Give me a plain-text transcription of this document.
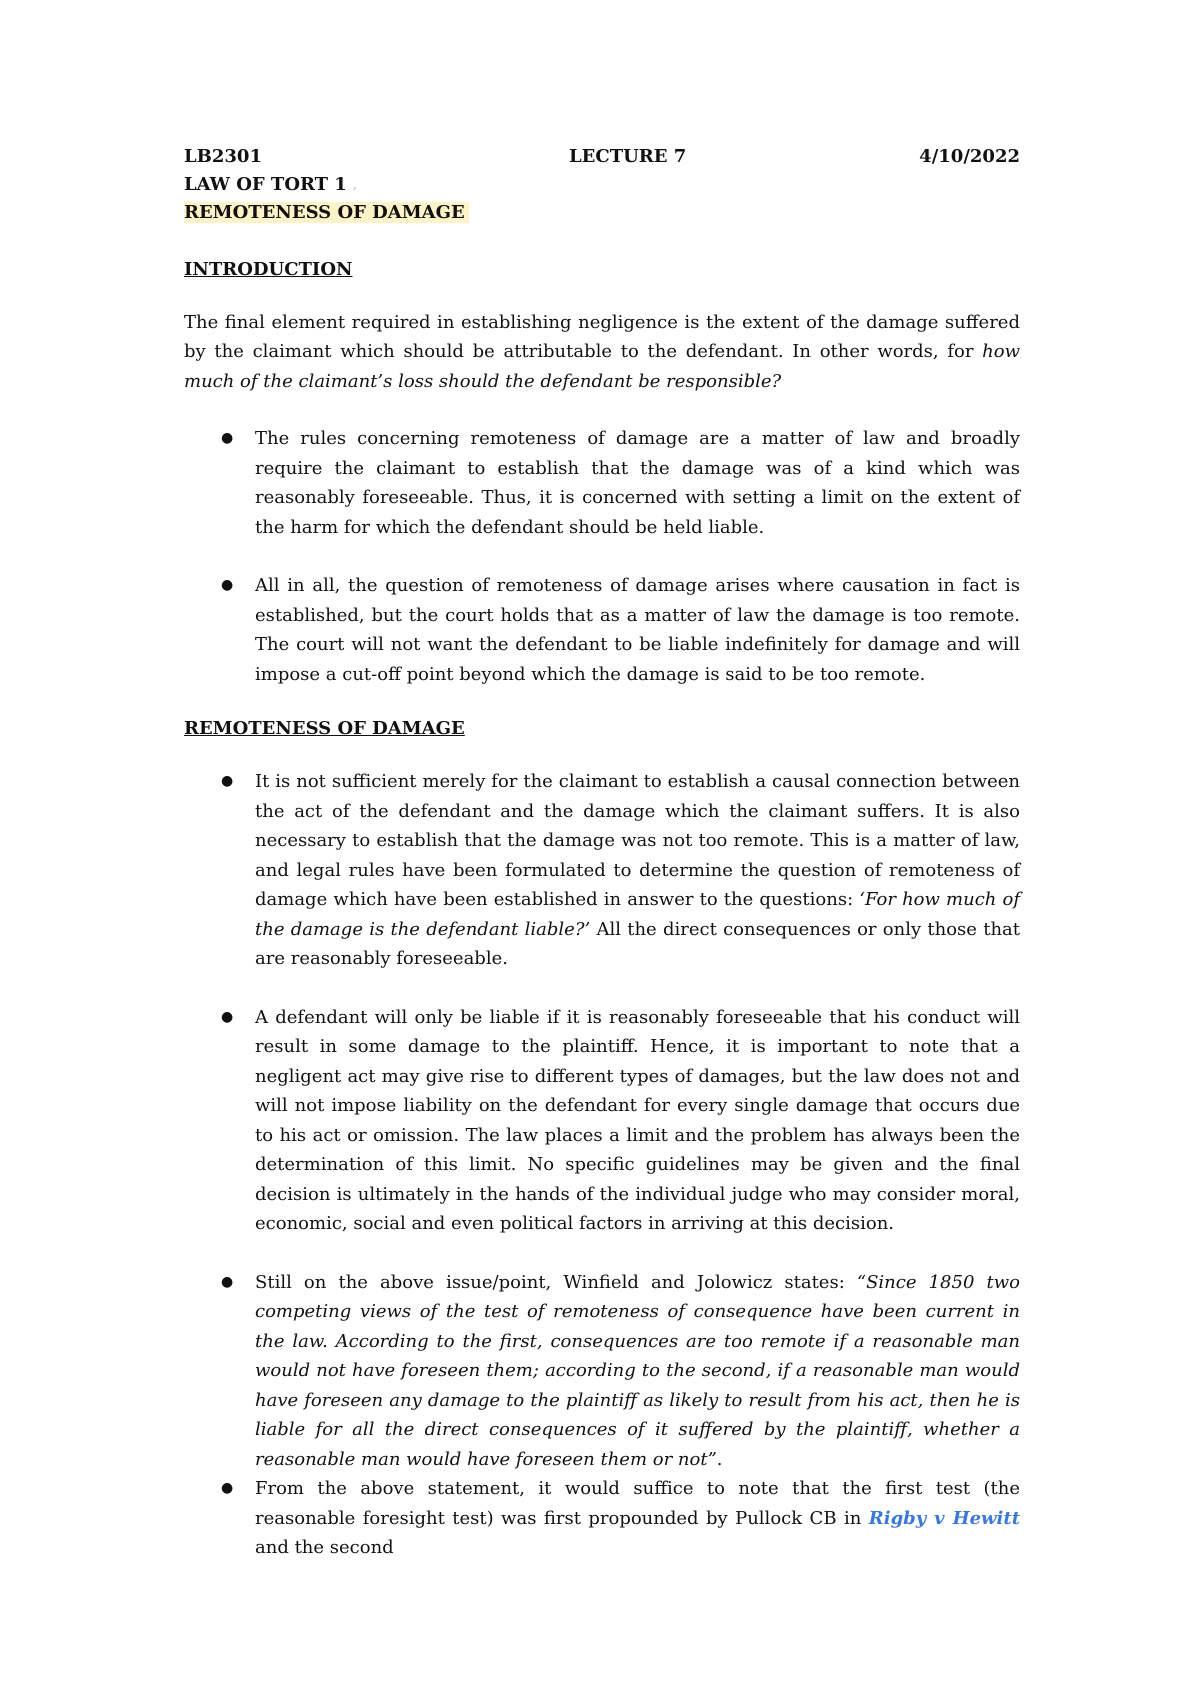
LB2301	LECTURE 7	4/10/2022
LAW OF TORT 1 ,
REMOTENESS OF DAMAGE
INTRODUCTION

The final element required in establishing negligence is the extent of the damage suffered by the claimant which should be attributable to the defendant. In other words, for how much of the claimant’s loss should the defendant be responsible?

● The rules concerning remoteness of damage are a matter of law and broadly require the claimant to establish that the damage was of a kind which was reasonably foreseeable. Thus, it is concerned with setting a limit on the extent of the harm for which the defendant should be held liable.
● All in all, the question of remoteness of damage arises where causation in fact is established, but the court holds that as a matter of law the damage is too remote. The court will not want the defendant to be liable indefinitely for damage and will impose a cut-off point beyond which the damage is said to be too remote.
REMOTENESS OF DAMAGE
● It is not sufficient merely for the claimant to establish a causal connection between the act of the defendant and the damage which the claimant suffers. It is also necessary to establish that the damage was not too remote. This is a matter of law, and legal rules have been formulated to determine the question of remoteness of damage which have been established in answer to the questions: ‘For how much of the damage is the defendant liable?’ All the direct consequences or only those that are reasonably foreseeable.
● A defendant will only be liable if it is reasonably foreseeable that his conduct will result in some damage to the plaintiff. Hence, it is important to note that a negligent act may give rise to different types of damages, but the law does not and will not impose liability on the defendant for every single damage that occurs due to his act or omission. The law places a limit and the problem has always been the determination of this limit. No specific guidelines may be given and the final decision is ultimately in the hands of the individual judge who may consider moral, economic, social and even political factors in arriving at this decision.
● Still on the above issue/point, Winfield and Jolowicz states: “Since 1850 two competing views of the test of remoteness of consequence have been current in the law. According to the first, consequences are too remote if a reasonable man would not have foreseen them; according to the second, if a reasonable man would have foreseen any damage to the plaintiff as likely to result from his act, then he is liable for all the direct consequences of it suffered by the plaintiff, whether a reasonable man would have foreseen them or not”.
● From the above statement, it would suffice to note that the first test (the reasonable foresight test) was first propounded by Pullock CB in Rigby v Hewitt and the second
